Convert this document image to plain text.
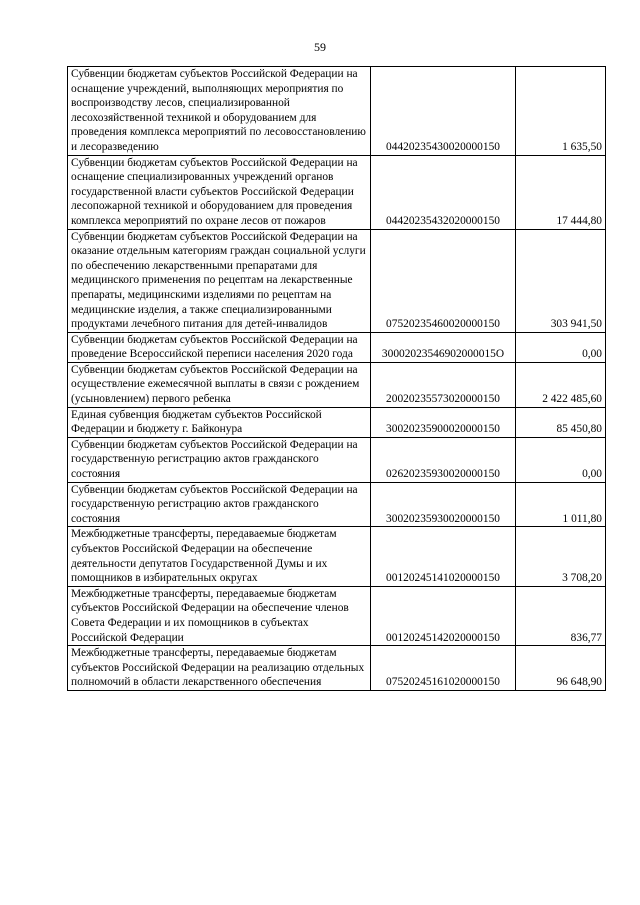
59
Субвенции бюджетам субъектов Российской Федерации на оснащение учреждений, выполняющих мероприятия по воспроизводству лесов, специализированной лесохозяйственной техникой и оборудованием для проведения комплекса мероприятий по лесовосстановлению и лесоразведению	04420235430020000150	1 635,50
Субвенции бюджетам субъектов Российской Федерации на оснащение специализированных учреждений органов государственной власти субъектов Российской Федерации лесопожарной техникой и оборудованием для проведения комплекса мероприятий по охране лесов от пожаров	04420235432020000150	17 444,80
Субвенции бюджетам субъектов Российской Федерации на оказание отдельным категориям граждан социальной услуги по обеспечению лекарственными препаратами для медицинского применения по рецептам на лекарственные препараты, медицинскими изделиями по рецептам на медицинские изделия, а также специализированными продуктами лечебного питания для детей-инвалидов	07520235460020000150	303 941,50
Субвенции бюджетам субъектов Российской Федерации на проведение Всероссийской переписи населения 2020 года	30002023546902000015О	0,00
Субвенции бюджетам субъектов Российской Федерации на осуществление ежемесячной выплаты в связи с рождением (усыновлением) первого ребенка	20020235573020000150	2 422 485,60
Единая субвенция бюджетам субъектов Российской Федерации и бюджету г. Байконура	30020235900020000150	85 450,80
Субвенции бюджетам субъектов Российской Федерации на государственную регистрацию актов гражданского состояния	02620235930020000150	0,00
Субвенции бюджетам субъектов Российской Федерации на государственную регистрацию актов гражданского состояния	30020235930020000150	1 011,80
Межбюджетные трансферты, передаваемые бюджетам субъектов Российской Федерации на обеспечение деятельности депутатов Государственной Думы и их помощников в избирательных округах	00120245141020000150	3 708,20
Межбюджетные трансферты, передаваемые бюджетам субъектов Российской Федерации на обеспечение членов Совета Федерации и их помощников в субъектах Российской Федерации	00120245142020000150	836,77
Межбюджетные трансферты, передаваемые бюджетам субъектов Российской Федерации на реализацию отдельных полномочий в области лекарственного обеспечения	07520245161020000150	96 648,90
